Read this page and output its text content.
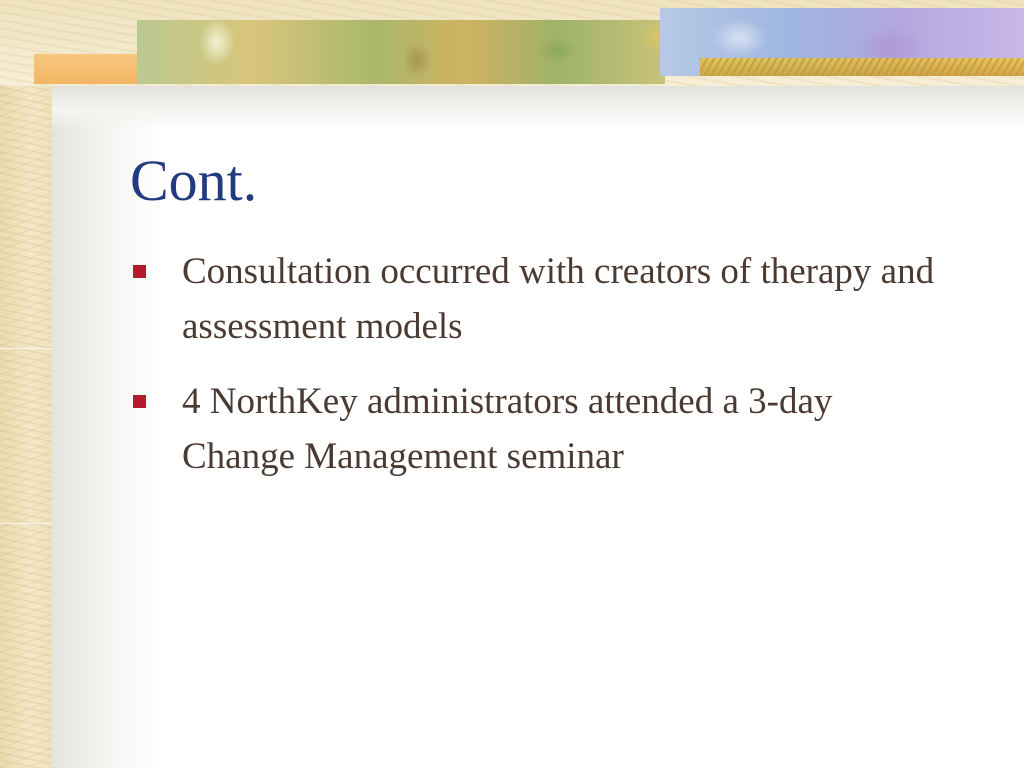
Cont.
Consultation occurred with creators of therapy and assessment models
4 NorthKey administrators attended a 3-day Change Management seminar
